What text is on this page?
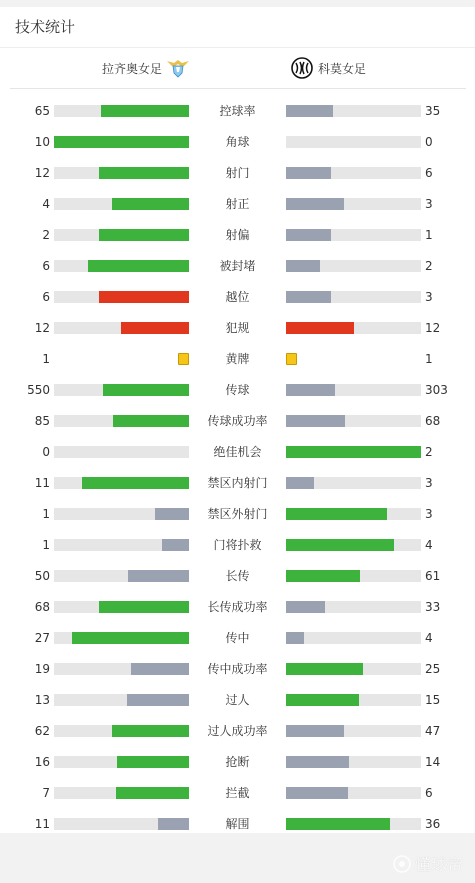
技术统计
拉齐奥女足	科莫女足
65	控球率	35
10	角球	0
12	射门	6
4	射正	3
2	射偏	1
6	被封堵	2
6	越位	3
12	犯规	12
1	黄牌	1
550	传球	303
85	传球成功率	68
0	绝佳机会	2
11	禁区内射门	3
1	禁区外射门	3
1	门将扑救	4
50	长传	61
68	长传成功率	33
27	传中	4
19	传中成功率	25
13	过人	15
62	过人成功率	47
16	抢断	14
7	拦截	6
11	解围	36
懂球帝
